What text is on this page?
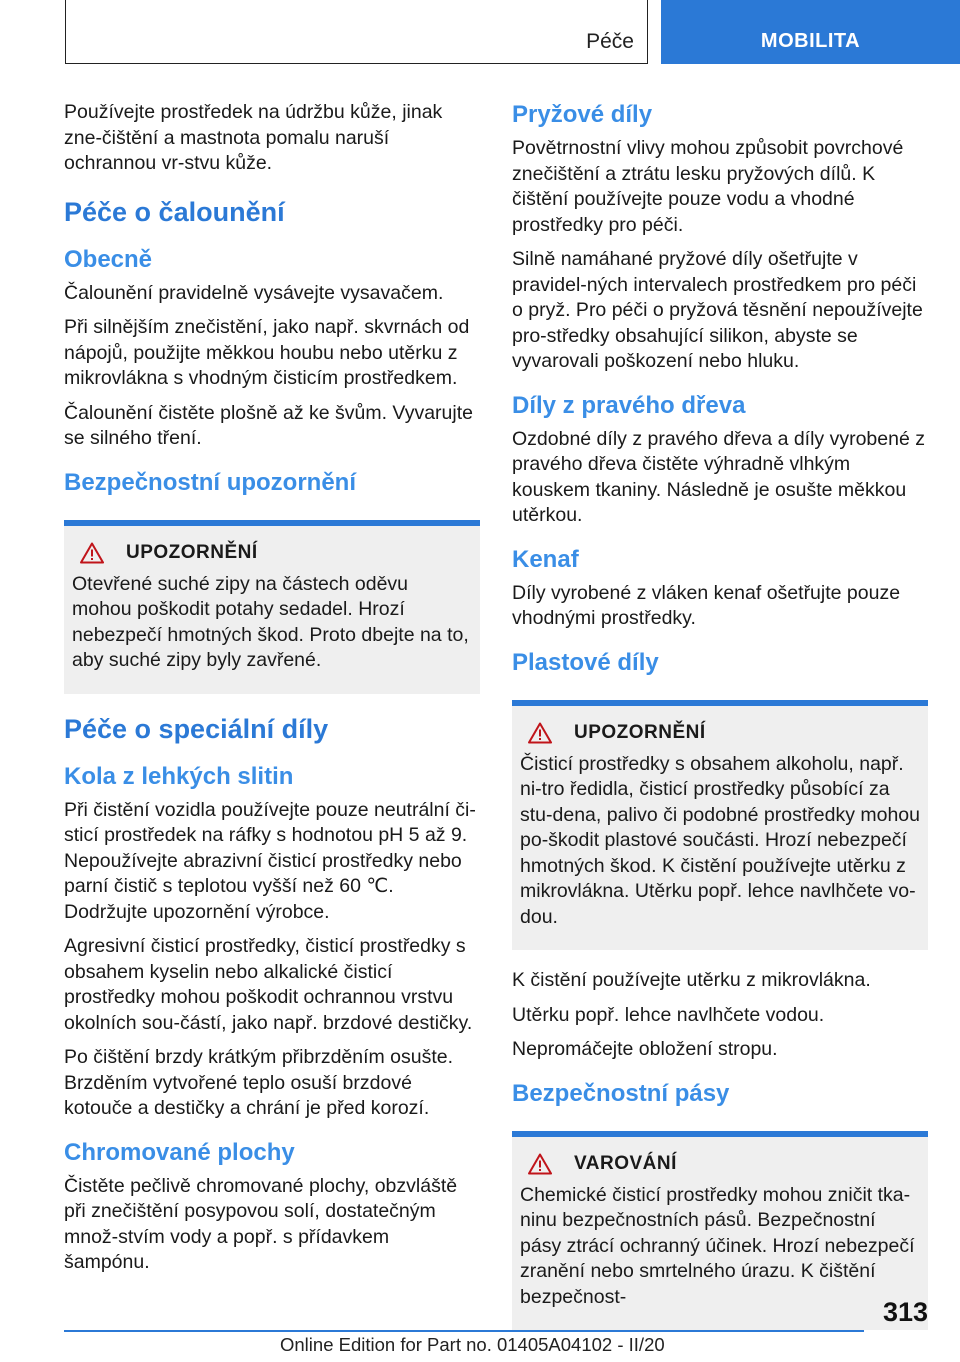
Péče	MOBILITA

Používejte prostředek na údržbu kůže, jinak zne-čištění a mastnota pomalu naruší ochrannou vr-stvu kůže.

Péče o čalounění
Obecně

Čalounění pravidelně vysávejte vysavačem.

Při silnějším znečistění, jako např. skvrnách od nápojů, použijte měkkou houbu nebo utěrku z mikrovlákna s vhodným čisticím prostředkem.

Čalounění čistěte plošně až ke švům. Vyvarujte se silného tření.

Bezpečnostní upozornění
UPOZORNĚNÍ

Otevřené suché zipy na částech oděvu mohou poškodit potahy sedadel. Hrozí nebezpečí hmotných škod. Proto dbejte na to, aby suché zipy byly zavřené.

Péče o speciální díly
Kola z lehkých slitin

Při čistění vozidla používejte pouze neutrální či-sticí prostředek na ráfky s hodnotou pH 5 až 9. Nepoužívejte abrazivní čisticí prostředky nebo parní čistič s teplotou vyšší než 60 ℃. Dodržujte upozornění výrobce.

Agresivní čisticí prostředky, čisticí prostředky s obsahem kyselin nebo alkalické čisticí prostředky mohou poškodit ochrannou vrstvu okolních sou-částí, jako např. brzdové destičky.

Po čištění brzdy krátkým přibrzděním osušte. Brzděním vytvořené teplo osuší brzdové kotouče a destičky a chrání je před korozí.

Chromované plochy

Čistěte pečlivě chromované plochy, obzvláště při znečištění posypovou solí, dostatečným množ-stvím vody a popř. s přídavkem šampónu.

Pryžové díly

Povětrnostní vlivy mohou způsobit povrchové znečištění a ztrátu lesku pryžových dílů. K čištění používejte pouze vodu a vhodné prostředky pro péči.

Silně namáhané pryžové díly ošetřujte v pravidel-ných intervalech prostředkem pro péči o pryž. Pro péči o pryžová těsnění nepoužívejte pro-středky obsahující silikon, abyste se vyvarovali poškození nebo hluku.

Díly z pravého dřeva

Ozdobné díly z pravého dřeva a díly vyrobené z pravého dřeva čistěte výhradně vlhkým kouskem tkaniny. Následně je osušte měkkou utěrkou.

Kenaf

Díly vyrobené z vláken kenaf ošetřujte pouze vhodnými prostředky.

Plastové díly
UPOZORNĚNÍ

Čisticí prostředky s obsahem alkoholu, např. ni-tro ředidla, čisticí prostředky působící za stu-dena, palivo či podobné prostředky mohou po-škodit plastové součásti. Hrozí nebezpečí hmotných škod. K čistění používejte utěrku z mikrovlákna. Utěrku popř. lehce navlhčete vo-dou.

K čistění používejte utěrku z mikrovlákna.

Utěrku popř. lehce navlhčete vodou.

Nepromáčejte obložení stropu.

Bezpečnostní pásy
VAROVÁNÍ

Chemické čisticí prostředky mohou zničit tka-ninu bezpečnostních pásů. Bezpečnostní pásy ztrácí ochranný účinek. Hrozí nebezpečí zranění nebo smrtelného úrazu. K čištění bezpečnost-

313
Online Edition for Part no. 01405A04102 - II/20
